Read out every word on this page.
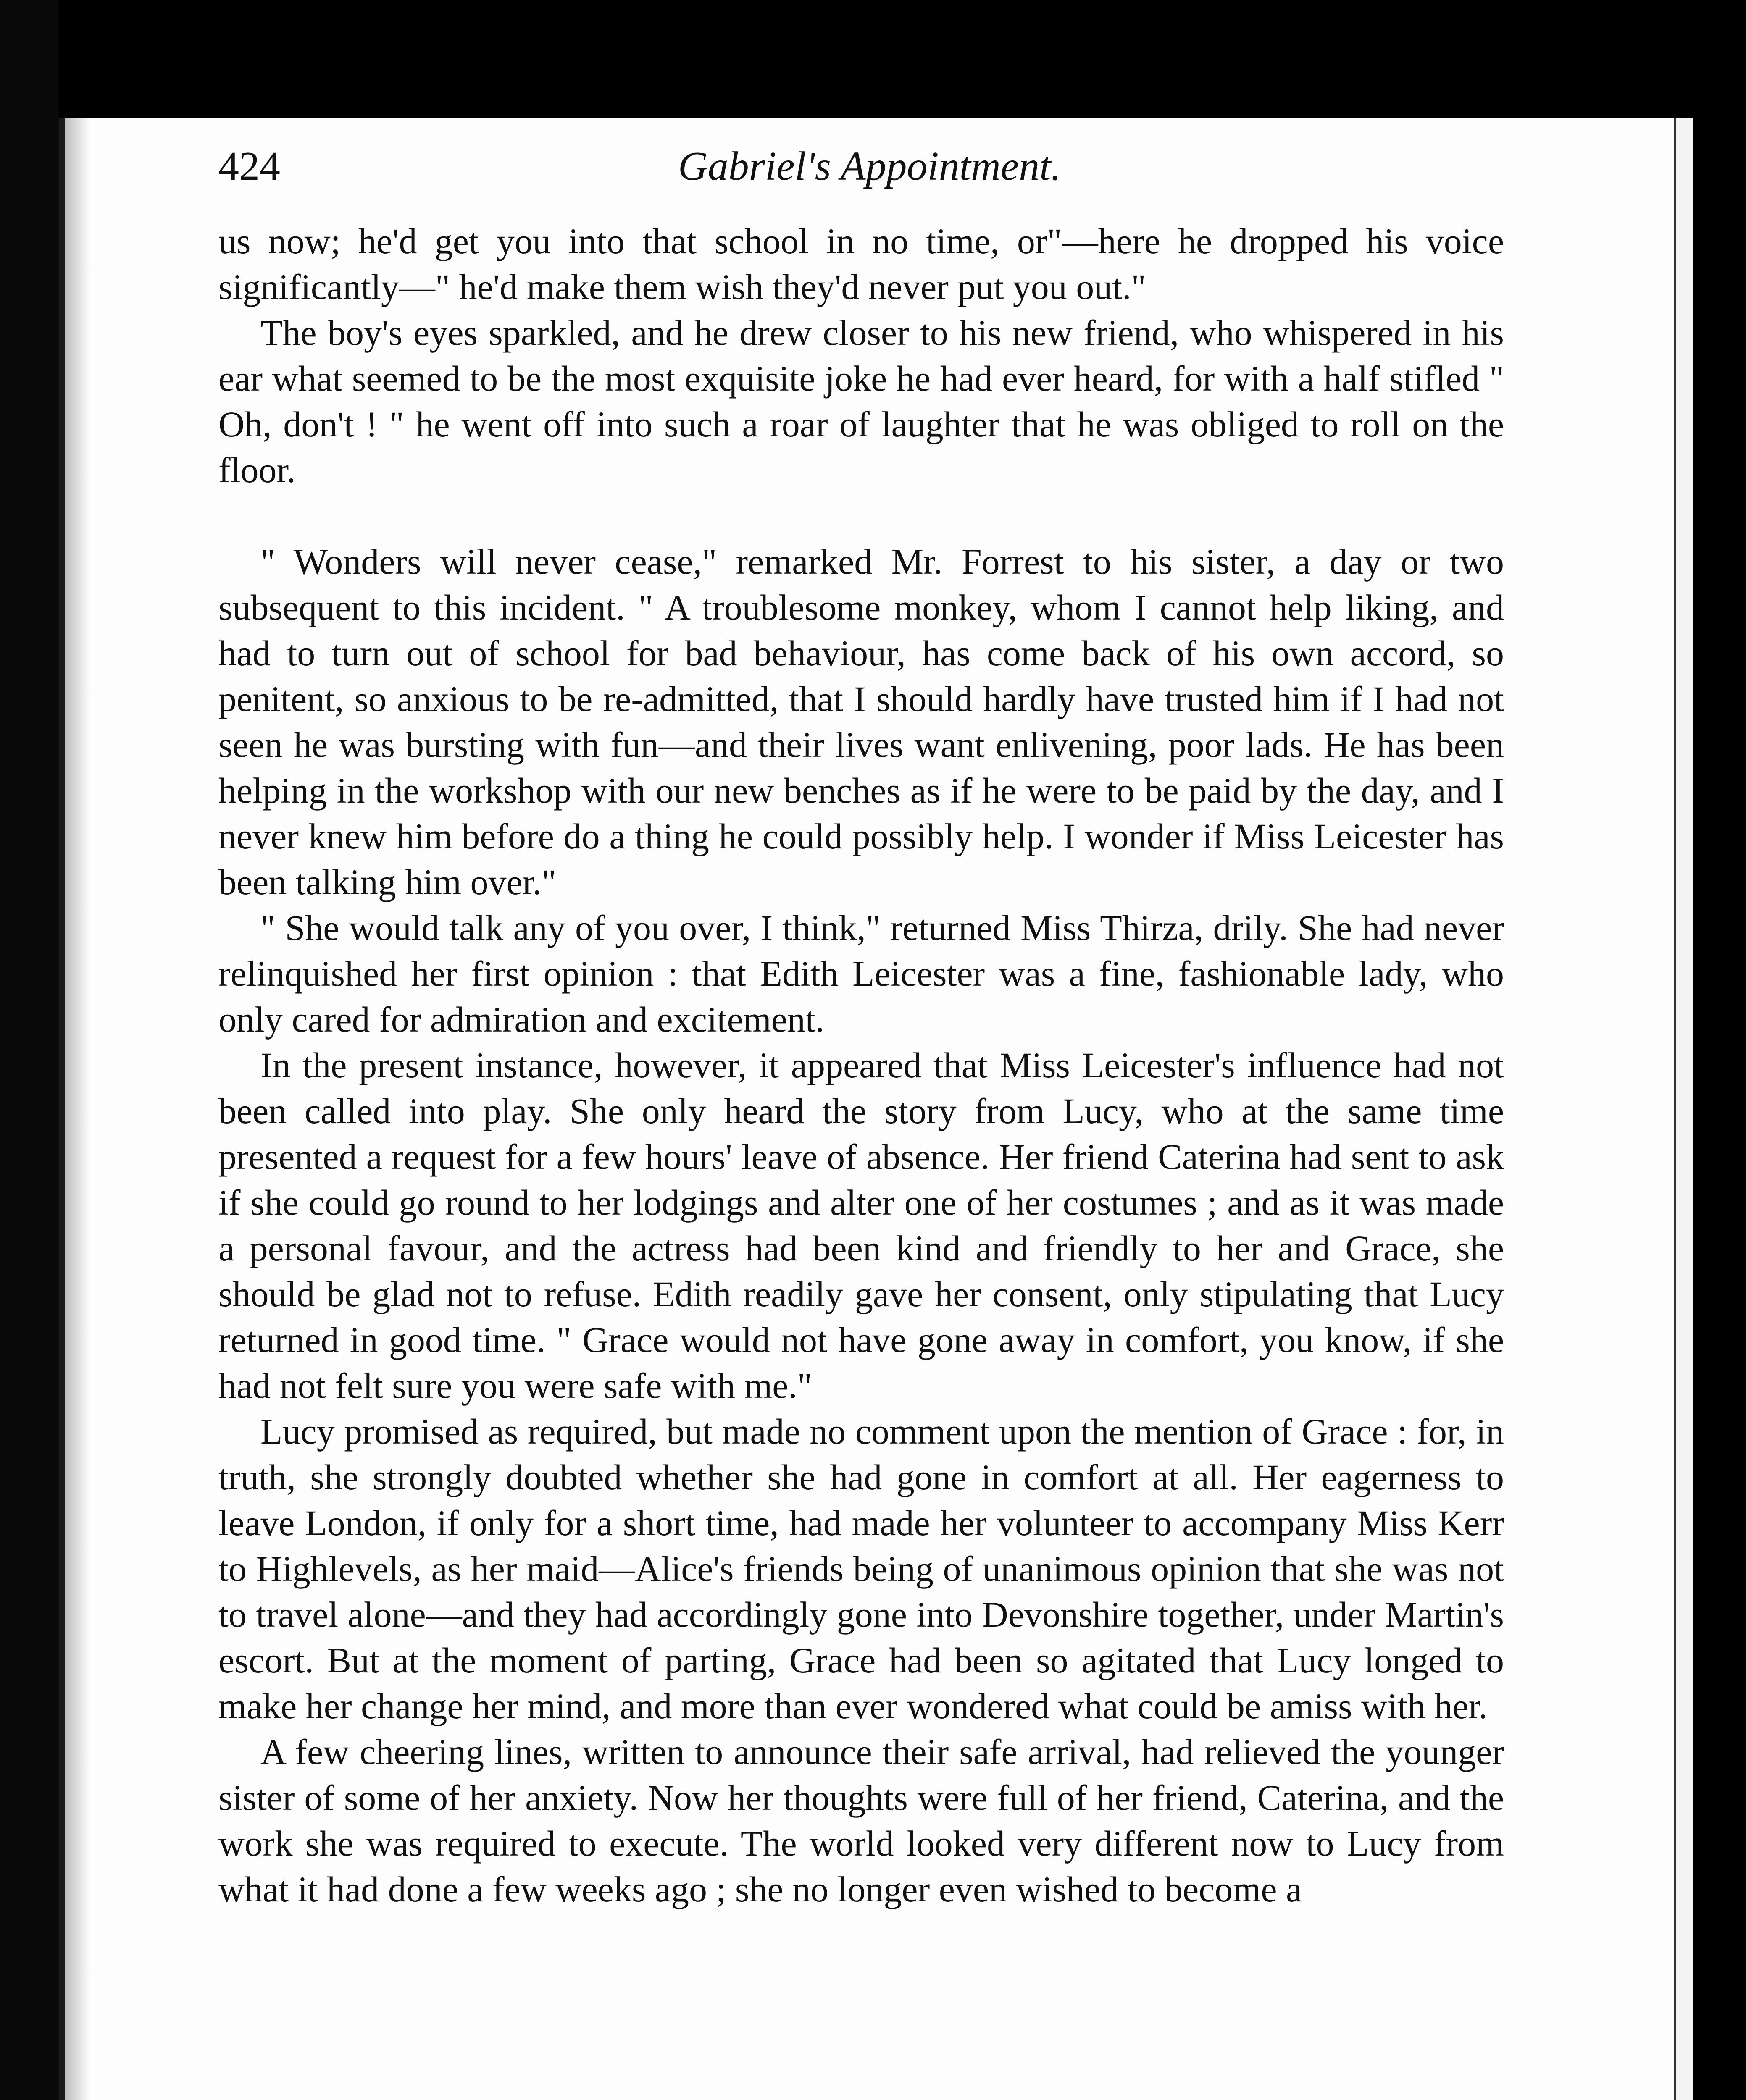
Gabriel's Appointment.
424

us now; he'd get you into that school in no time, or"—here he dropped his voice significantly—" he'd make them wish they'd never put you out."

The boy's eyes sparkled, and he drew closer to his new friend, who whispered in his ear what seemed to be the most exquisite joke he had ever heard, for with a half stifled " Oh, don't ! " he went off into such a roar of laughter that he was obliged to roll on the floor.

" Wonders will never cease," remarked Mr. Forrest to his sister, a day or two subsequent to this incident. " A troublesome monkey, whom I cannot help liking, and had to turn out of school for bad behaviour, has come back of his own accord, so penitent, so anxious to be re-admitted, that I should hardly have trusted him if I had not seen he was bursting with fun—and their lives want enlivening, poor lads. He has been helping in the workshop with our new benches as if he were to be paid by the day, and I never knew him before do a thing he could possibly help. I wonder if Miss Leicester has been talking him over."

" She would talk any of you over, I think," returned Miss Thirza, drily. She had never relinquished her first opinion : that Edith Leicester was a fine, fashionable lady, who only cared for admiration and excitement.

In the present instance, however, it appeared that Miss Leicester's influence had not been called into play. She only heard the story from Lucy, who at the same time presented a request for a few hours' leave of absence. Her friend Caterina had sent to ask if she could go round to her lodgings and alter one of her costumes ; and as it was made a personal favour, and the actress had been kind and friendly to her and Grace, she should be glad not to refuse. Edith readily gave her consent, only stipulating that Lucy returned in good time. " Grace would not have gone away in comfort, you know, if she had not felt sure you were safe with me."

Lucy promised as required, but made no comment upon the mention of Grace : for, in truth, she strongly doubted whether she had gone in comfort at all. Her eagerness to leave London, if only for a short time, had made her volunteer to accompany Miss Kerr to Highlevels, as her maid—Alice's friends being of unanimous opinion that she was not to travel alone—and they had accordingly gone into Devonshire together, under Martin's escort. But at the moment of parting, Grace had been so agitated that Lucy longed to make her change her mind, and more than ever wondered what could be amiss with her.

A few cheering lines, written to announce their safe arrival, had relieved the younger sister of some of her anxiety. Now her thoughts were full of her friend, Caterina, and the work she was required to execute. The world looked very different now to Lucy from what it had done a few weeks ago ; she no longer even wished to become a
